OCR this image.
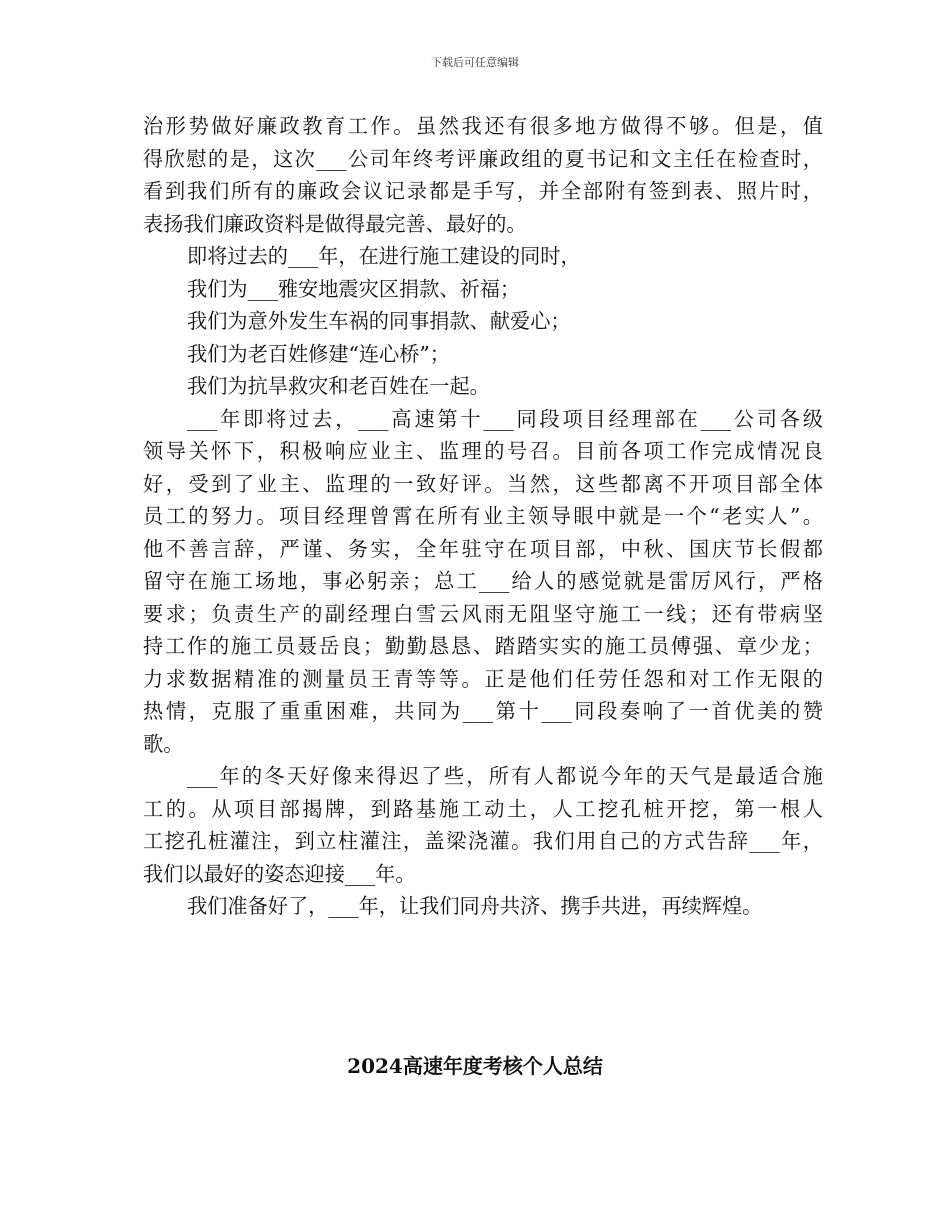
下载后可任意编辑
治形势做好廉政教育工作。虽然我还有很多地方做得不够。但是，值
得欣慰的是，这次___公司年终考评廉政组的夏书记和文主任在检查时，
看到我们所有的廉政会议记录都是手写，并全部附有签到表、照片时，
表扬我们廉政资料是做得最完善、最好的。
即将过去的___年，在进行施工建设的同时，
我们为___雅安地震灾区捐款、祈福；
我们为意外发生车祸的同事捐款、献爱心；
我们为老百姓修建“连心桥”；
我们为抗旱救灾和老百姓在一起。
___年即将过去，___高速第十___同段项目经理部在___公司各级
领导关怀下，积极响应业主、监理的号召。目前各项工作完成情况良
好，受到了业主、监理的一致好评。当然，这些都离不开项目部全体
员工的努力。项目经理曾霄在所有业主领导眼中就是一个“老实人”。
他不善言辞，严谨、务实，全年驻守在项目部，中秋、国庆节长假都
留守在施工场地，事必躬亲；总工___给人的感觉就是雷厉风行，严格
要求；负责生产的副经理白雪云风雨无阻坚守施工一线；还有带病坚
持工作的施工员聂岳良；勤勤恳恳、踏踏实实的施工员傅强、章少龙；
力求数据精准的测量员王青等等。正是他们任劳任怨和对工作无限的
热情，克服了重重困难，共同为___第十___同段奏响了一首优美的赞
歌。
___年的冬天好像来得迟了些，所有人都说今年的天气是最适合施
工的。从项目部揭牌，到路基施工动土，人工挖孔桩开挖，第一根人
工挖孔桩灌注，到立柱灌注，盖梁浇灌。我们用自己的方式告辞___年，
我们以最好的姿态迎接___年。
我们准备好了，___年，让我们同舟共济、携手共进，再续辉煌。
2024高速年度考核个人总结
